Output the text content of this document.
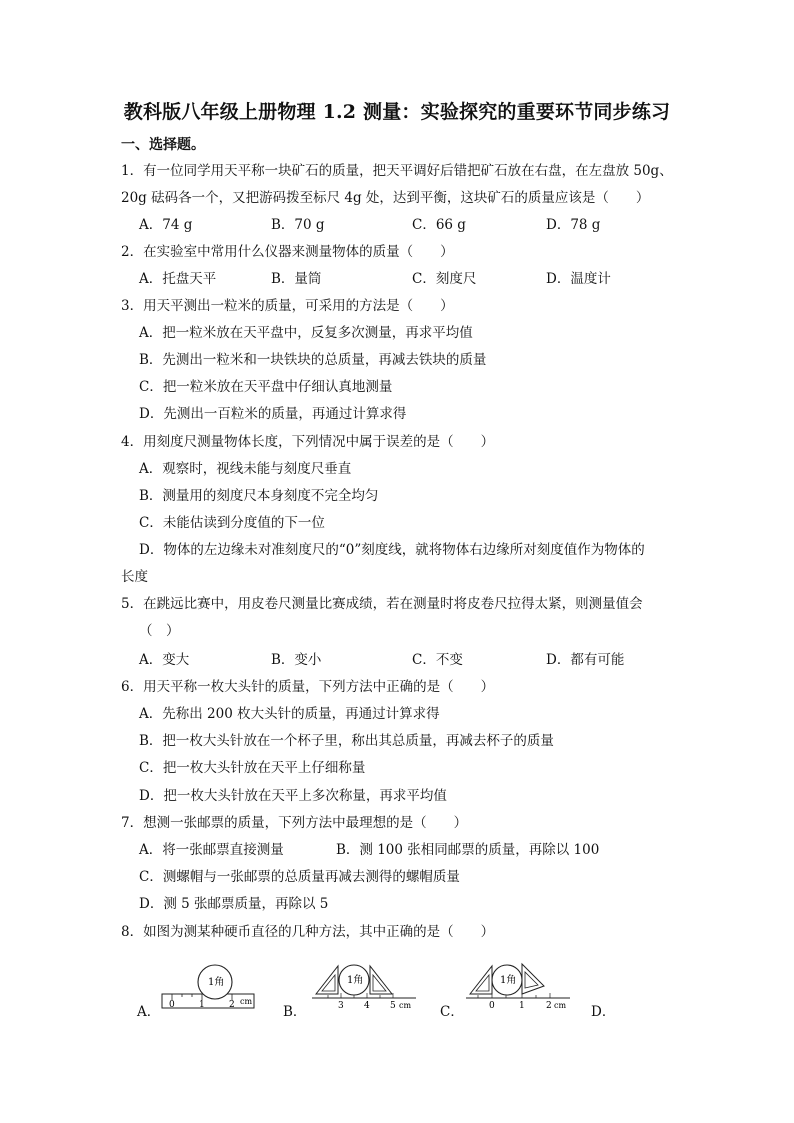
教科版八年级上册物理 1.2 测量：实验探究的重要环节同步练习
一、选择题。
1．有一位同学用天平称一块矿石的质量，把天平调好后错把矿石放在右盘，在左盘放 50g、
20g 砝码各一个，又把游码拨至标尺 4g 处，达到平衡，这块矿石的质量应该是（　　）
A．74 g	B．70 g	C．66 g	D．78 g
2．在实验室中常用什么仪器来测量物体的质量（　　）
A．托盘天平	B．量筒	C．刻度尺	D．温度计
3．用天平测出一粒米的质量，可采用的方法是（　　）
A．把一粒米放在天平盘中，反复多次测量，再求平均值
B．先测出一粒米和一块铁块的总质量，再减去铁块的质量
C．把一粒米放在天平盘中仔细认真地测量
D．先测出一百粒米的质量，再通过计算求得
4．用刻度尺测量物体长度，下列情况中属于误差的是（　　）
A．观察时，视线未能与刻度尺垂直
B．测量用的刻度尺本身刻度不完全均匀
C．未能估读到分度值的下一位
D．物体的左边缘未对准刻度尺的“0”刻度线，就将物体右边缘所对刻度值作为物体的
长度
5．在跳远比赛中，用皮卷尺测量比赛成绩，若在测量时将皮卷尺拉得太紧，则测量值会
（　）
A．变大	B．变小	C．不变	D．都有可能
6．用天平称一枚大头针的质量，下列方法中正确的是（　　）
A．先称出 200 枚大头针的质量，再通过计算求得
B．把一枚大头针放在一个杯子里，称出其总质量，再减去杯子的质量
C．把一枚大头针放在天平上仔细称量
D．把一枚大头针放在天平上多次称量，再求平均值
7．想测一张邮票的质量，下列方法中最理想的是（　　）
A．将一张邮票直接测量	B．测 100 张相同邮票的质量，再除以 100
C．测螺帽与一张邮票的总质量再减去测得的螺帽质量
D．测 5 张邮票质量，再除以 5
8．如图为测某种硬币直径的几种方法，其中正确的是（　　）
A．	B．	C．	D．
1角
0	1	2 cm
1角
3 4 5 cm
1角
0	1 2 cm
